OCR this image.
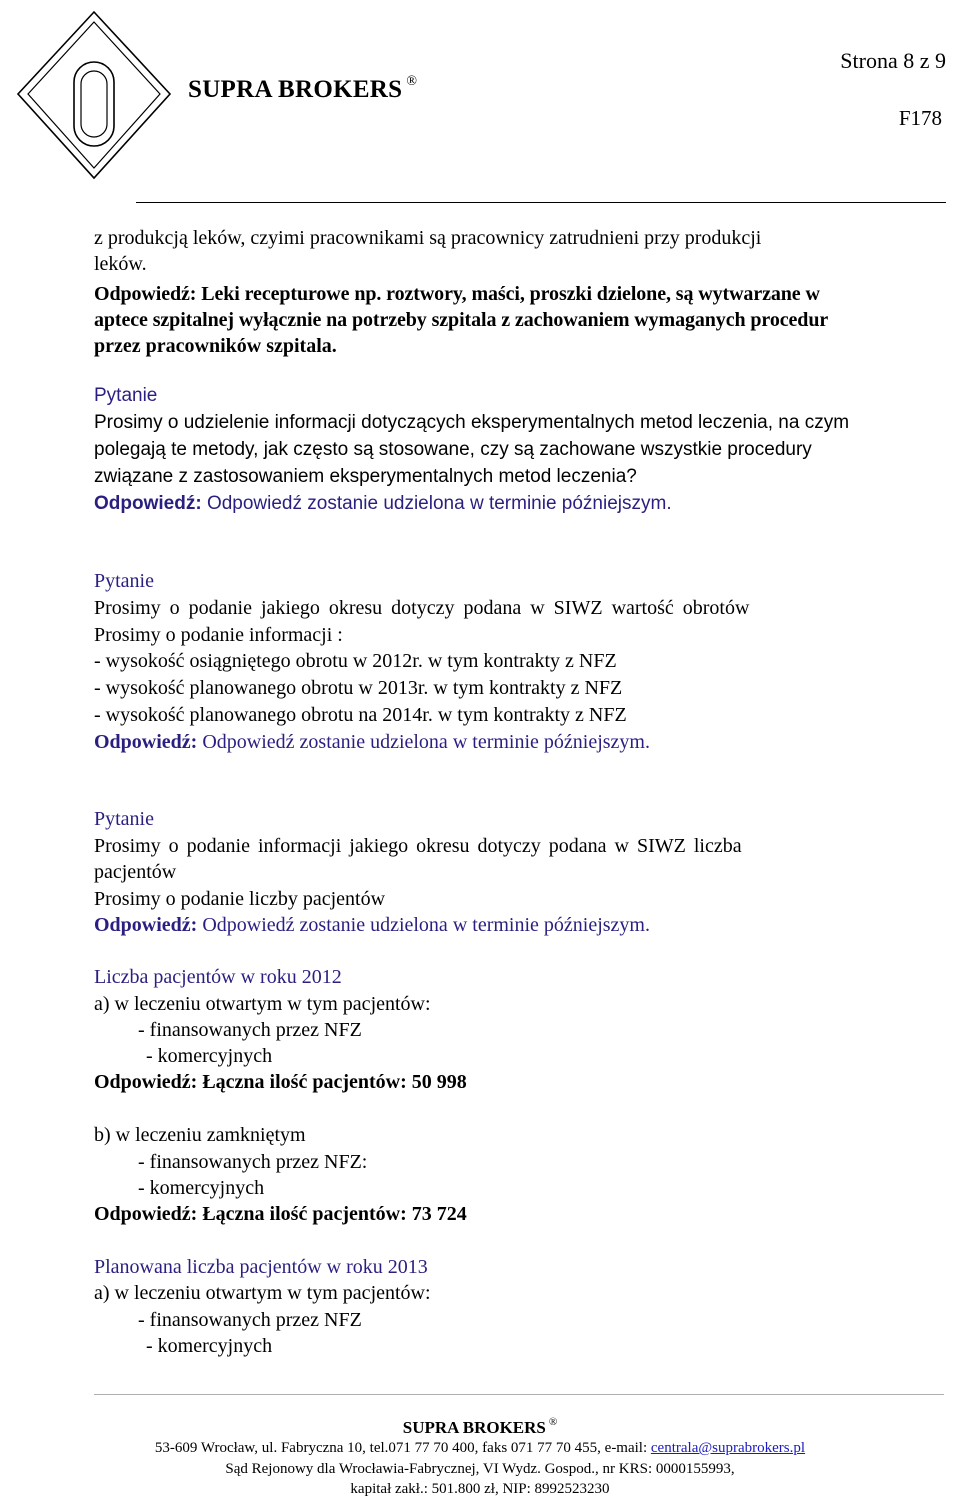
SUPRA BROKERS ®
Strona 8 z 9
F178
z produkcją leków, czyimi pracownikami są pracownicy zatrudnieni przy produkcji
leków.
Odpowiedź: Leki recepturowe np. roztwory, maści, proszki dzielone, są wytwarzane w
aptece szpitalnej wyłącznie na potrzeby szpitala z zachowaniem wymaganych procedur
przez pracowników szpitala.
Pytanie
Prosimy o udzielenie informacji dotyczących eksperymentalnych metod leczenia, na czym
polegają te metody, jak często są stosowane, czy są zachowane wszystkie procedury
związane z zastosowaniem eksperymentalnych metod leczenia?
Odpowiedź: Odpowiedź zostanie udzielona w terminie późniejszym.
Pytanie
Prosimy o podanie jakiego okresu dotyczy podana w SIWZ wartość obrotów
Prosimy o podanie informacji :
- wysokość osiągniętego obrotu w 2012r. w tym kontrakty z NFZ
- wysokość planowanego obrotu w 2013r. w tym kontrakty z NFZ
- wysokość planowanego obrotu na 2014r. w tym kontrakty z NFZ
Odpowiedź: Odpowiedź zostanie udzielona w terminie późniejszym.
Pytanie
Prosimy o podanie informacji jakiego okresu dotyczy podana w SIWZ liczba
pacjentów
Prosimy o podanie liczby pacjentów
Odpowiedź: Odpowiedź zostanie udzielona w terminie późniejszym.
Liczba pacjentów w roku 2012
a) w leczeniu otwartym w tym pacjentów:
- finansowanych przez NFZ
- komercyjnych
Odpowiedź: Łączna ilość pacjentów: 50 998
b) w leczeniu zamkniętym
- finansowanych przez NFZ:
- komercyjnych
Odpowiedź: Łączna ilość pacjentów: 73 724
Planowana liczba pacjentów w roku 2013
a) w leczeniu otwartym w tym pacjentów:
- finansowanych przez NFZ
- komercyjnych
SUPRA BROKERS ®
53-609 Wrocław, ul. Fabryczna 10, tel.071 77 70 400, faks 071 77 70 455, e-mail: centrala@suprabrokers.pl
Sąd Rejonowy dla Wrocławia-Fabrycznej, VI Wydz. Gospod., nr KRS: 0000155993,
kapitał zakł.: 501.800 zł, NIP: 8992523230
